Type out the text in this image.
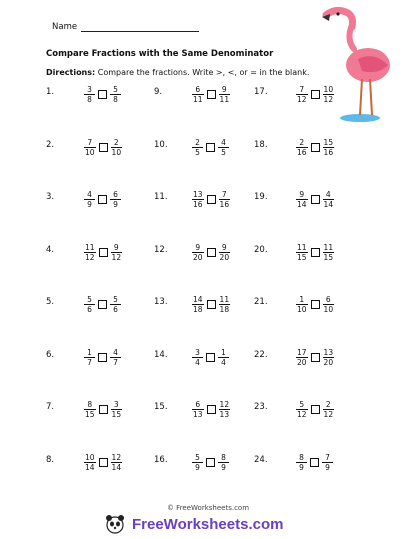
Name
Compare Fractions with the Same Denominator
Directions: Compare the fractions. Write >, <, or = in the blank.
1.	$\frac{3}{8} \frac{5}{8}$
2.	$\frac{7}{10} \frac{2}{10}$
3.	$\frac{4}{9} \frac{6}{9}$
4.	$\frac{11}{12} \frac{9}{12}$
5.	$\frac{5}{6} \frac{5}{6}$
6.	$\frac{1}{7} \frac{4}{7}$
7.	$\frac{8}{15} \frac{3}{15}$
8.	$\frac{10}{14} \frac{12}{14}$
9.	$\frac{6}{11} \frac{9}{11}$
10.	$\frac{2}{5} \frac{4}{5}$
11.	$\frac{13}{16} \frac{7}{16}$
12.	$\frac{9}{20} \frac{9}{20}$
13.	$\frac{14}{18} \frac{11}{18}$
14.	$\frac{3}{4} \frac{1}{4}$
15.	$\frac{6}{13} \frac{12}{13}$
16.	$\frac{5}{9} \frac{8}{9}$
17.	$\frac{7}{12} \frac{10}{12}$
18.	$\frac{2}{16} \frac{15}{16}$
19.	$\frac{9}{14} \frac{4}{14}$
20.	$\frac{11}{15} \frac{11}{15}$
21.	$\frac{1}{10} \frac{6}{10}$
22.	$\frac{17}{20} \frac{13}{20}$
23.	$\frac{5}{12} \frac{2}{12}$
24.	$\frac{8}{9} \frac{7}{9}$
© FreeWorksheets.com
FreeWorksheets.com
